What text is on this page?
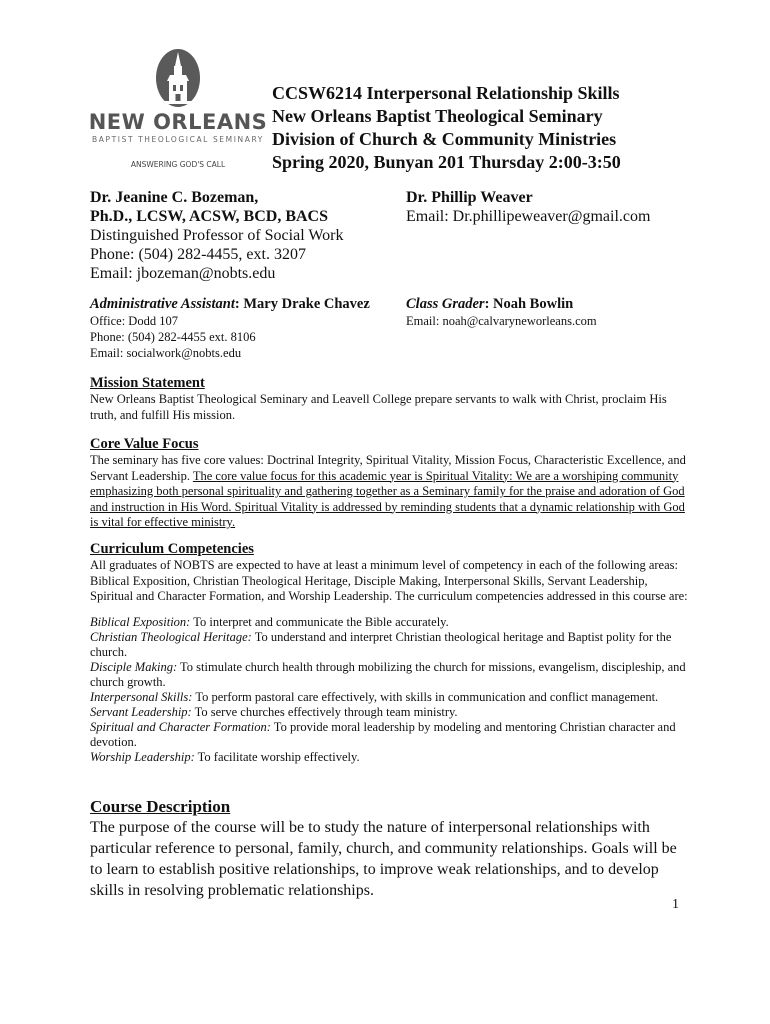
NEW ORLEANS
BAPTIST THEOLOGICAL SEMINARY
ANSWERING GOD'S CALL
CCSW6214 Interpersonal Relationship Skills
New Orleans Baptist Theological Seminary
Division of Church & Community Ministries
Spring 2020, Bunyan 201 Thursday 2:00-3:50
Dr. Jeanine C. Bozeman,
Ph.D., LCSW, ACSW, BCD, BACS
Distinguished Professor of Social Work
Phone: (504) 282-4455, ext. 3207
Email: jbozeman@nobts.edu
Dr. Phillip Weaver
Email: Dr.phillipeweaver@gmail.com
Administrative Assistant: Mary Drake Chavez
Office: Dodd 107
Phone: (504) 282-4455 ext. 8106
Email: socialwork@nobts.edu
Class Grader: Noah Bowlin
Email: noah@calvaryneworleans.com
Mission Statement
New Orleans Baptist Theological Seminary and Leavell College prepare servants to walk with Christ, proclaim His truth, and fulfill His mission.
Core Value Focus
The seminary has five core values: Doctrinal Integrity, Spiritual Vitality, Mission Focus, Characteristic Excellence, and Servant Leadership. The core value focus for this academic year is Spiritual Vitality: We are a worshiping community emphasizing both personal spirituality and gathering together as a Seminary family for the praise and adoration of God and instruction in His Word. Spiritual Vitality is addressed by reminding students that a dynamic relationship with God is vital for effective ministry.
Curriculum Competencies
All graduates of NOBTS are expected to have at least a minimum level of competency in each of the following areas: Biblical Exposition, Christian Theological Heritage, Disciple Making, Interpersonal Skills, Servant Leadership, Spiritual and Character Formation, and Worship Leadership. The curriculum competencies addressed in this course are:
Biblical Exposition: To interpret and communicate the Bible accurately.
Christian Theological Heritage: To understand and interpret Christian theological heritage and Baptist polity for the church.
Disciple Making: To stimulate church health through mobilizing the church for missions, evangelism, discipleship, and church growth.
Interpersonal Skills: To perform pastoral care effectively, with skills in communication and conflict management.
Servant Leadership: To serve churches effectively through team ministry.
Spiritual and Character Formation: To provide moral leadership by modeling and mentoring Christian character and devotion.
Worship Leadership: To facilitate worship effectively.
Course Description
The purpose of the course will be to study the nature of interpersonal relationships with particular reference to personal, family, church, and community relationships. Goals will be to learn to establish positive relationships, to improve weak relationships, and to develop skills in resolving problematic relationships.
1
